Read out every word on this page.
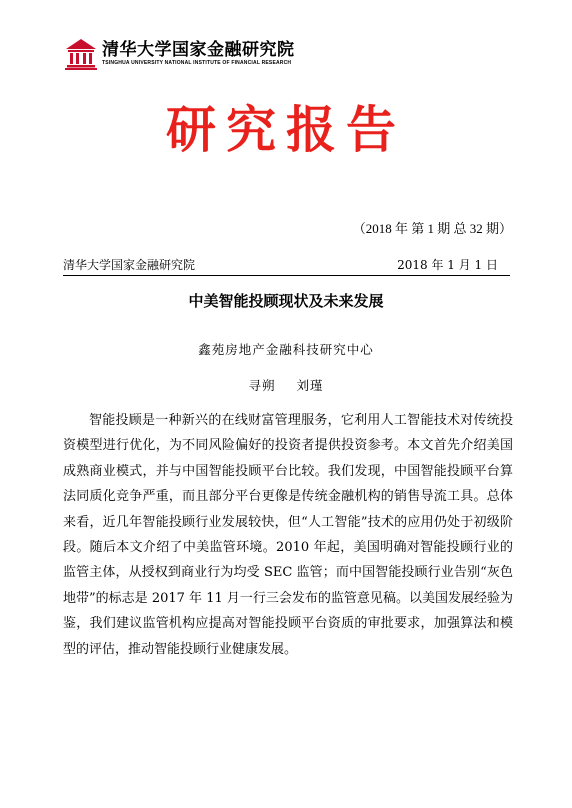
清华大学国家金融研究院
TSINGHUA UNIVERSITY NATIONAL INSTITUTE OF FINANCIAL RESEARCH
研究报告
（2018 年 第 1 期 总 32 期）
清华大学国家金融研究院	2018 年 1 月 1 日
中美智能投顾现状及未来发展
鑫苑房地产金融科技研究中心
寻朔 刘瑾

智能投顾是一种新兴的在线财富管理服务，它利用人工智能技术对传统投资模型进行优化，为不同风险偏好的投资者提供投资参考。本文首先介绍美国成熟商业模式，并与中国智能投顾平台比较。我们发现，中国智能投顾平台算法同质化竞争严重，而且部分平台更像是传统金融机构的销售导流工具。总体来看，近几年智能投顾行业发展较快，但“人工智能”技术的应用仍处于初级阶段。随后本文介绍了中美监管环境。2010 年起，美国明确对智能投顾行业的监管主体，从授权到商业行为均受 SEC 监管；而中国智能投顾行业告别“灰色地带”的标志是 2017 年 11 月一行三会发布的监管意见稿。以美国发展经验为鉴，我们建议监管机构应提高对智能投顾平台资质的审批要求，加强算法和模型的评估，推动智能投顾行业健康发展。
